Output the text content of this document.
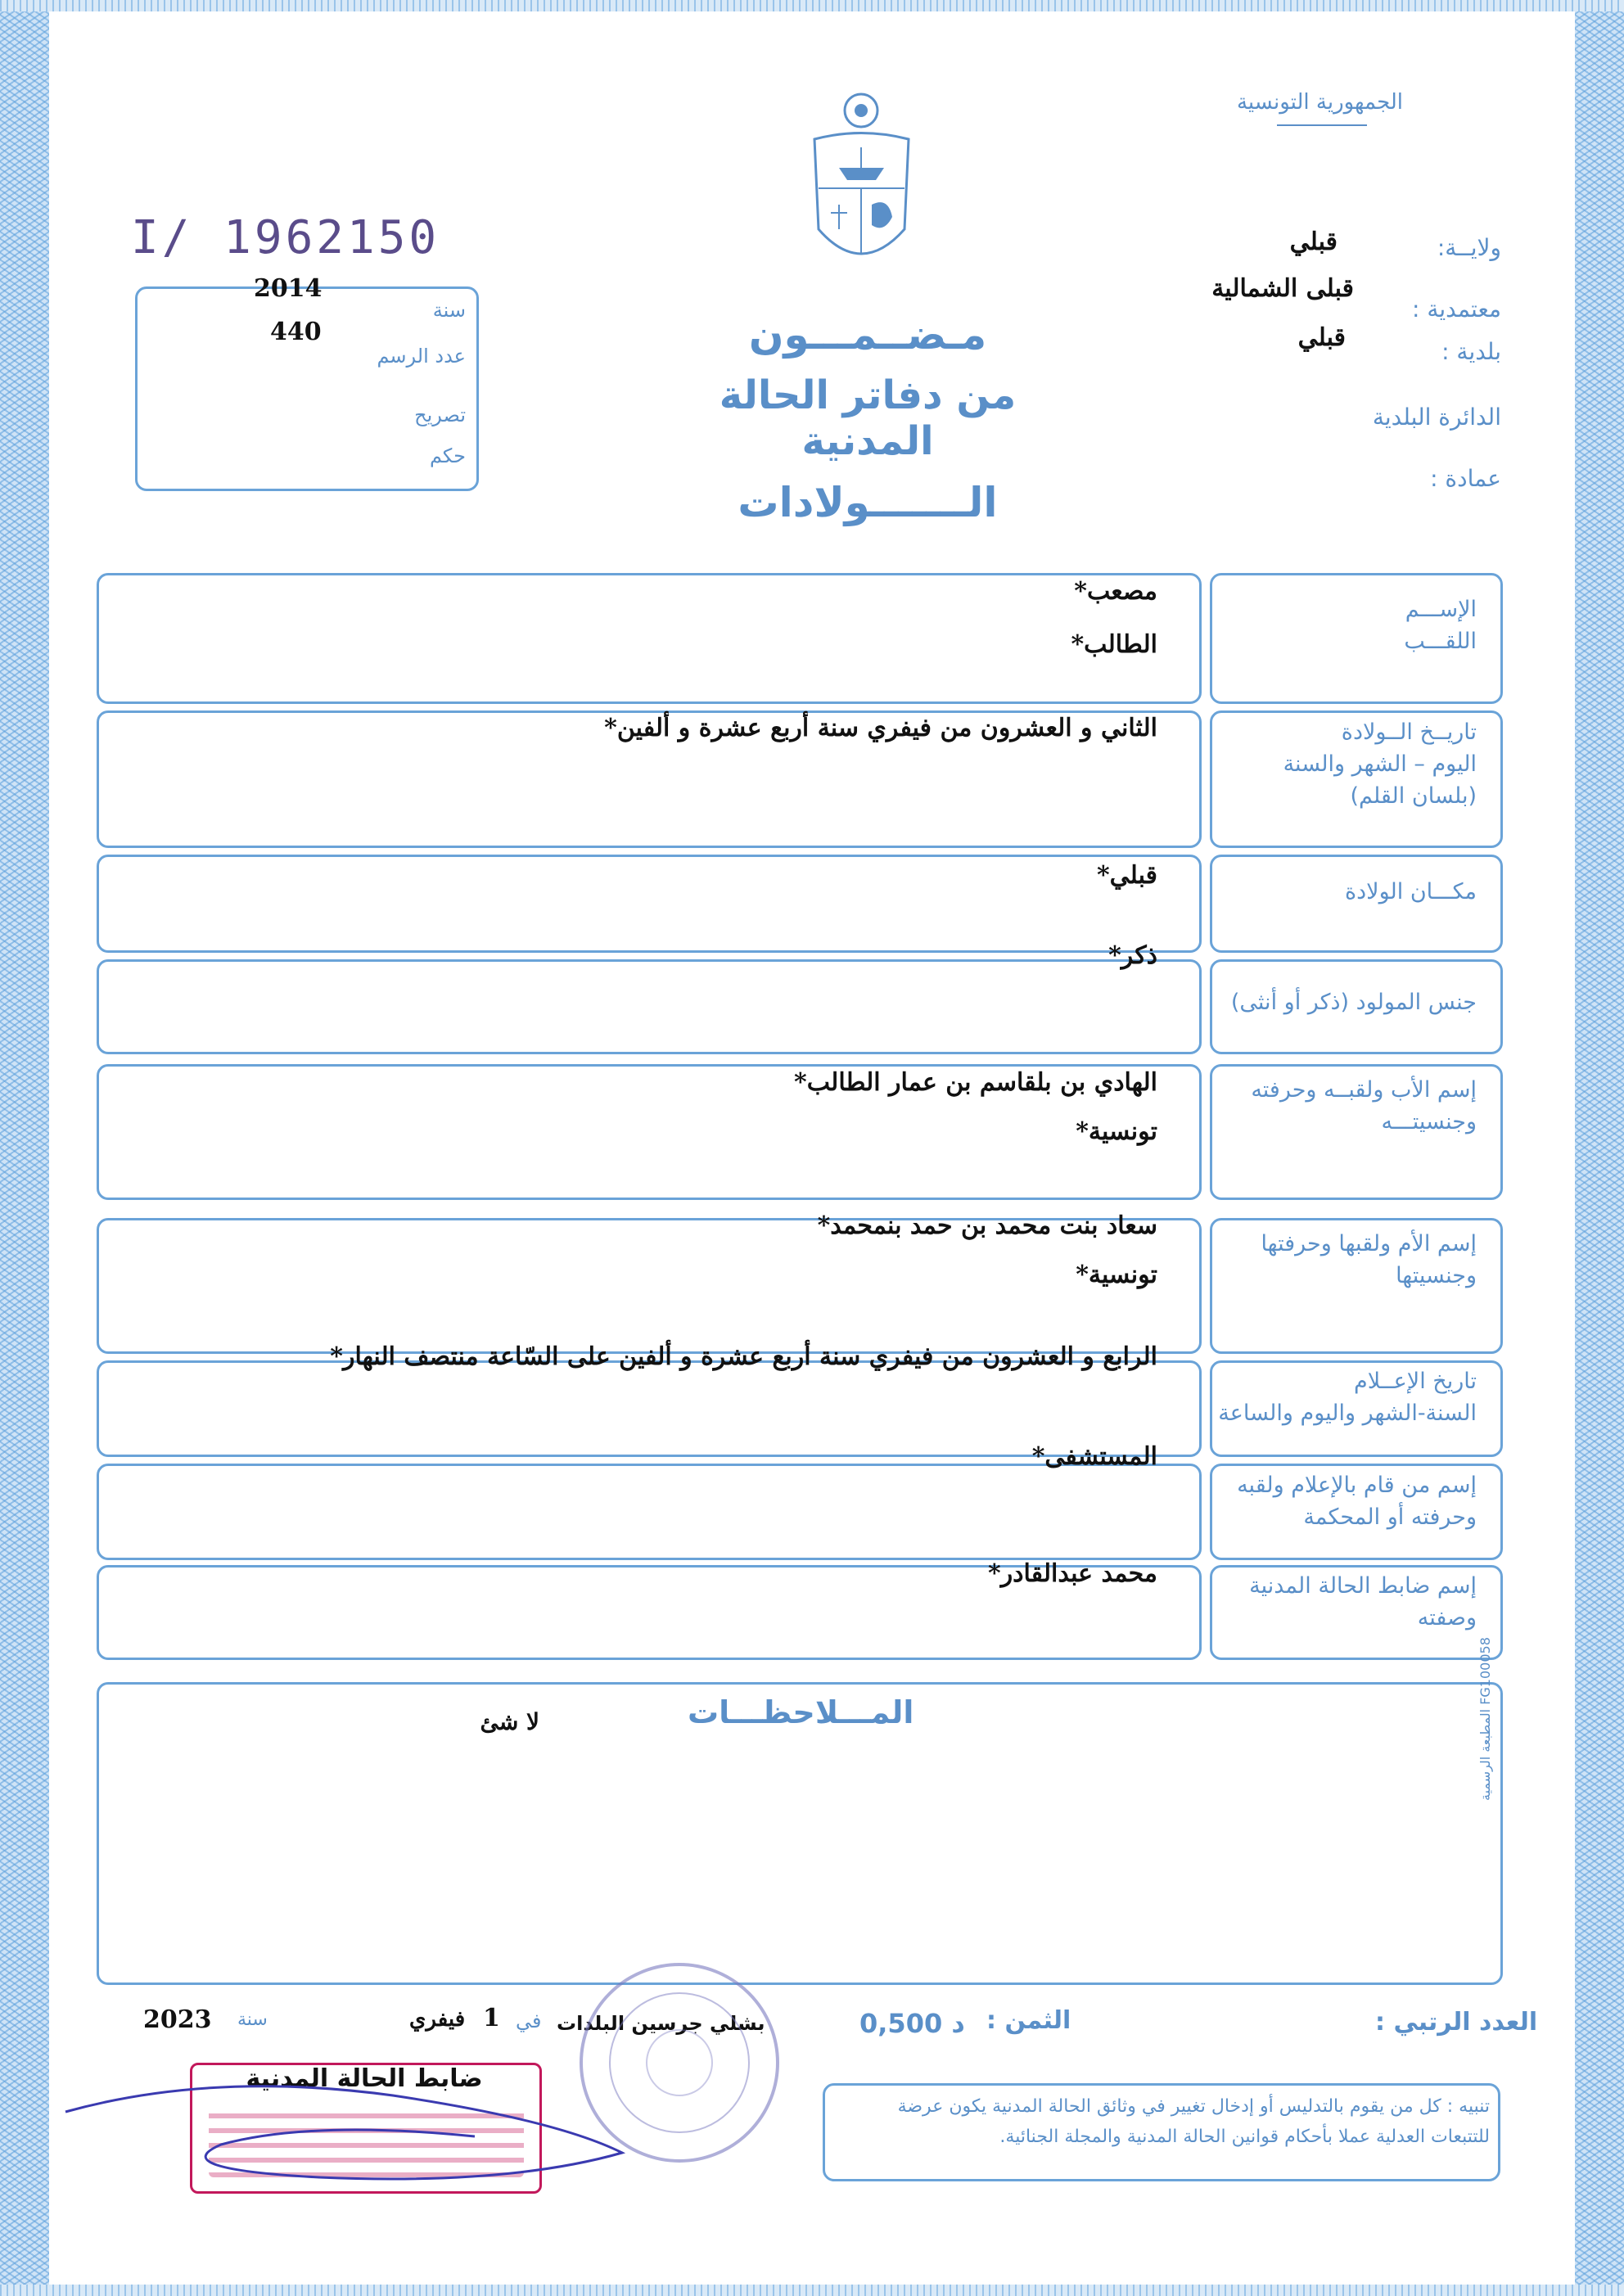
الجمهورية التونسية
I/ 1962150
سنة
2014
عدد الرسم
440
تصريح
حكم
مـضــمـــون
من دفاتر الحالة المدنية
الـــــــولادات
ولايــة:
قبلي
معتمدية :
قبلى الشمالية
بلدية :
قبلي
الدائرة البلدية
عمادة :
الإســـم
اللقـــب
مصعب*
الطالب*
تاريــخ الــولادة
اليوم – الشهر والسنة
(بلسان القلم)
الثاني و العشرون من فيفري سنة أربع عشرة و ألفين*
مكـــان الولادة
قبلي*
جنس المولود (ذكر أو أنثى)
ذكر*
إسم الأب ولقبــه وحرفته
وجنسيتـــه
الهادي بن بلقاسم بن عمار الطالب*
تونسية*
إسم الأم ولقبها وحرفتها
وجنسيتها
سعاد بنت محمد بن حمد بنمحمد*
تونسية*
تاريخ الإعــلام
السنة-الشهر واليوم والساعة
الرابع و العشرون من فيفري سنة أربع عشرة و ألفين على السّاعة منتصف النهار*
إسم من قام بالإعلام ولقبه
وحرفته أو المحكمة
المستشفى*
إسم ضابط الحالة المدنية
وصفته
محمد عبدالقادر*
المـــلاحظـــات
لا شئ	المطبعة الرسمية FG100058
العدد الرتبي :
الثمن :
0,500 د
بشلي جرسين البلدات
في
1
فيفري
سنة
2023
ضابط الحالة المدنية
تنبيه : كل من يقوم بالتدليس أو إدخال تغيير في وثائق الحالة المدنية يكون عرضة للتتبعات العدلية عملا بأحكام قوانين الحالة المدنية والمجلة الجنائية.
